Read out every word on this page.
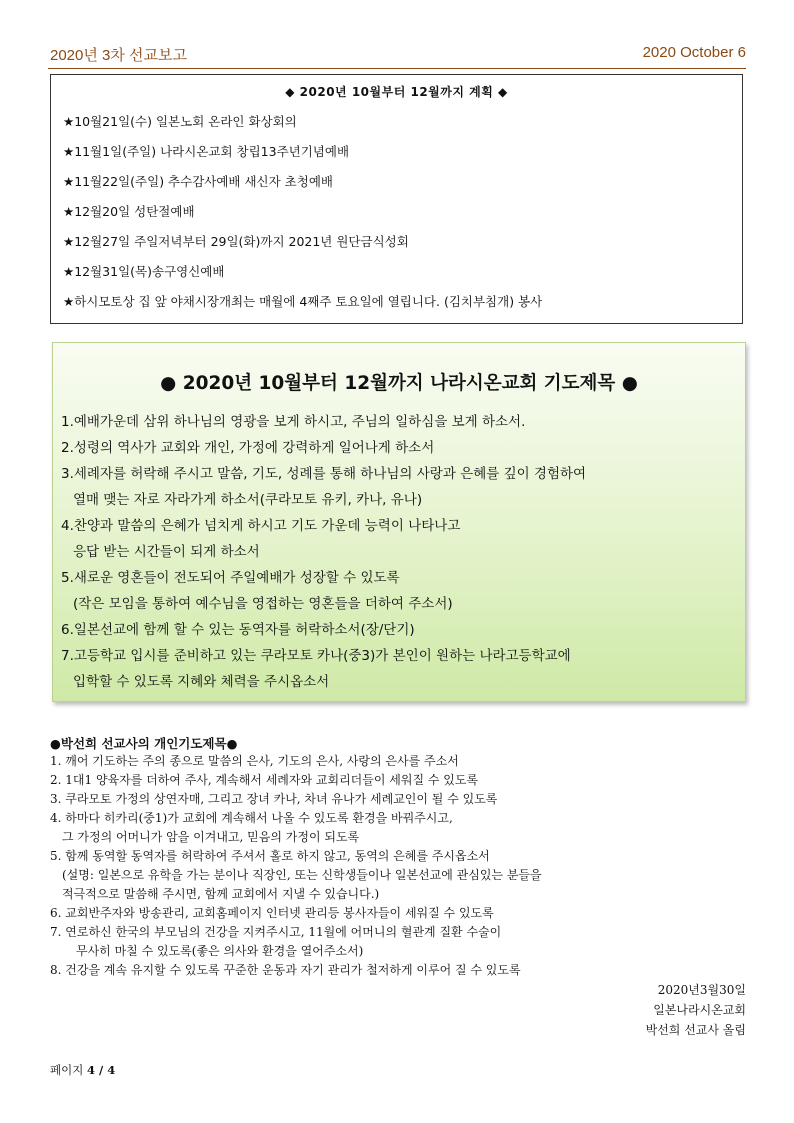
2020년 3차 선교보고	2020 October 6
◆ 2020년 10월부터 12월까지 계획 ◆
★10월21일(수) 일본노회 온라인 화상회의
★11월1일(주일) 나라시온교회 창립13주년기념예배
★11월22일(주일) 추수감사예배 새신자 초청예배
★12월20일 성탄절예배
★12월27일 주일저녁부터 29일(화)까지 2021년 원단금식성회
★12월31일(목)송구영신예배
★하시모토상 집 앞 야채시장개최는 매월에 4째주 토요일에 열립니다. (김치부침개) 봉사
● 2020년 10월부터 12월까지 나라시온교회 기도제목 ●
1.예배가운데 삼위 하나님의 영광을 보게 하시고, 주님의 일하심을 보게 하소서.
2.성령의 역사가 교회와 개인, 가정에 강력하게 일어나게 하소서
3.세례자를 허락해 주시고 말씀, 기도, 성례를 통해 하나님의 사랑과 은혜를 깊이 경험하여
열매 맺는 자로 자라가게 하소서(쿠라모토 유키, 카나, 유나)
4.찬양과 말씀의 은혜가 넘치게 하시고 기도 가운데 능력이 나타나고
응답 받는 시간들이 되게 하소서
5.새로운 영혼들이 전도되어 주일예배가 성장할 수 있도록
(작은 모임을 통하여 예수님을 영접하는 영혼들을 더하여 주소서)
6.일본선교에 함께 할 수 있는 동역자를 허락하소서(장/단기)
7.고등학교 입시를 준비하고 있는 쿠라모토 카나(중3)가 본인이 원하는 나라고등학교에
입학할 수 있도록 지혜와 체력을 주시옵소서
●박선희 선교사의 개인기도제목●
1. 깨어 기도하는 주의 종으로 말씀의 은사, 기도의 은사, 사랑의 은사를 주소서
2. 1대1 양육자를 더하여 주사, 계속해서 세례자와 교회리더들이 세워질 수 있도록
3. 쿠라모토 가정의 상연자매, 그리고 장녀 카나, 차녀 유나가 세례교인이 될 수 있도록
4. 하마다 히카리(중1)가 교회에 계속해서 나올 수 있도록 환경을 바꿔주시고,
그 가정의 어머니가 암을 이겨내고, 믿음의 가정이 되도록
5. 함께 동역할 동역자를 허락하여 주셔서 홀로 하지 않고, 동역의 은혜를 주시옵소서
(설명: 일본으로 유학을 가는 분이나 직장인, 또는 신학생들이나 일본선교에 관심있는 분들을
적극적으로 말씀해 주시면, 함께 교회에서 지낼 수 있습니다.)
6. 교회반주자와 방송관리, 교회홈페이지 인터넷 관리등 봉사자들이 세워질 수 있도록
7. 연로하신 한국의 부모님의 건강을 지켜주시고, 11월에 어머니의 혈관계 질환 수술이
무사히 마칠 수 있도록(좋은 의사와 환경을 열어주소서)
8. 건강을 계속 유지할 수 있도록 꾸준한 운동과 자기 관리가 철저하게 이루어 질 수 있도록
2020년3월30일
일본나라시온교회
박선희 선교사 올림
페이지 4 / 4
